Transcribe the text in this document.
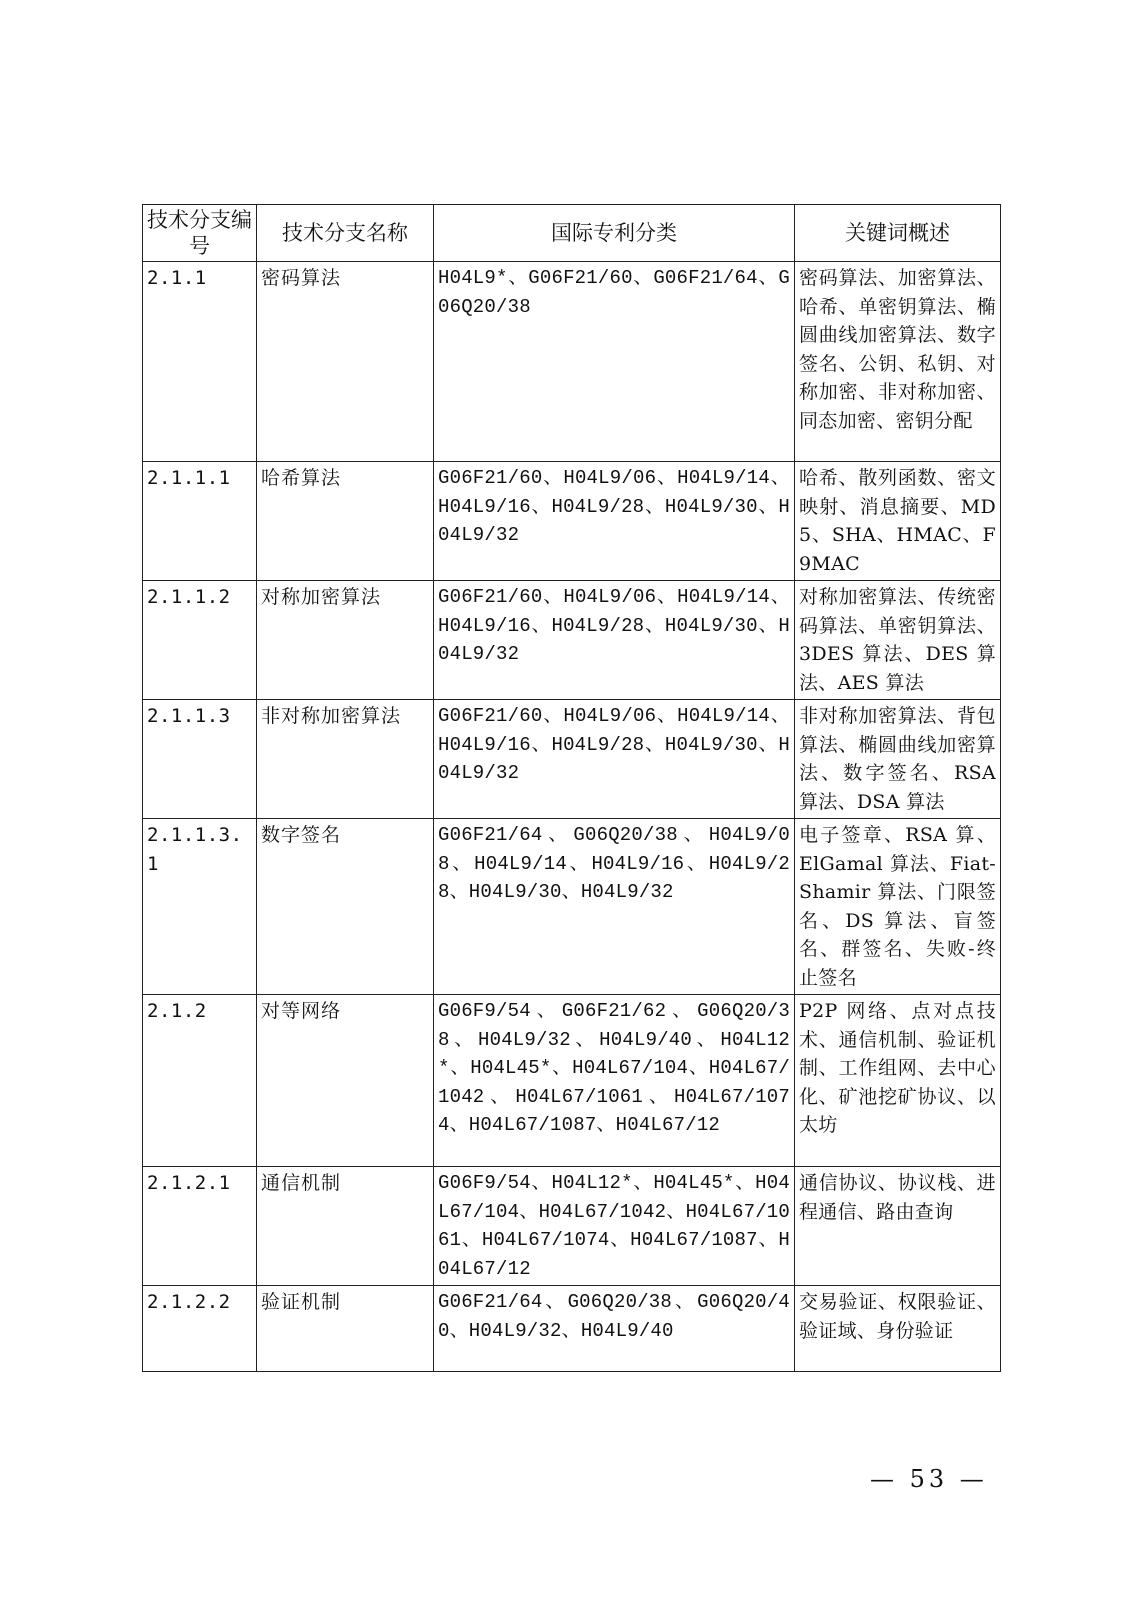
技术分支编号	技术分支名称	国际专利分类	关键词概述
2.1.1	密码算法	H04L9*、G06F21/60、G06F21/64、G06Q20/38	密码算法、加密算法、哈希、单密钥算法、椭圆曲线加密算法、数字签名、公钥、私钥、对称加密、非对称加密、同态加密、密钥分配
2.1.1.1	哈希算法	G06F21/60、H04L9/06、H04L9/14、H04L9/16、H04L9/28、H04L9/30、H04L9/32	哈希、散列函数、密文映射、消息摘要、MD5、SHA、HMAC、F9MAC
2.1.1.2	对称加密算法	G06F21/60、H04L9/06、H04L9/14、H04L9/16、H04L9/28、H04L9/30、H04L9/32	对称加密算法、传统密码算法、单密钥算法、3DES 算法、DES 算法、AES 算法
2.1.1.3	非对称加密算法	G06F21/60、H04L9/06、H04L9/14、H04L9/16、H04L9/28、H04L9/30、H04L9/32	非对称加密算法、背包算法、椭圆曲线加密算法、数字签名、RSA 算法、DSA 算法
2.1.1.3.1	数字签名	G06F21/64、G06Q20/38、H04L9/08、H04L9/14、H04L9/16、H04L9/28、H04L9/30、H04L9/32	电子签章、RSA 算、ElGamal 算法、Fiat-Shamir 算法、门限签名、DS 算法、盲签名、群签名、失败-终止签名
2.1.2	对等网络	G06F9/54、G06F21/62、G06Q20/38、H04L9/32、H04L9/40、H04L12*、H04L45*、H04L67/104、H04L67/1042、H04L67/1061、H04L67/1074、H04L67/1087、H04L67/12	P2P 网络、点对点技术、通信机制、验证机制、工作组网、去中心化、矿池挖矿协议、以太坊
2.1.2.1	通信机制	G06F9/54、H04L12*、H04L45*、H04L67/104、H04L67/1042、H04L67/1061、H04L67/1074、H04L67/1087、H04L67/12	通信协议、协议栈、进程通信、路由查询
2.1.2.2	验证机制	G06F21/64、G06Q20/38、G06Q20/40、H04L9/32、H04L9/40	交易验证、权限验证、验证域、身份验证
— 53 —
